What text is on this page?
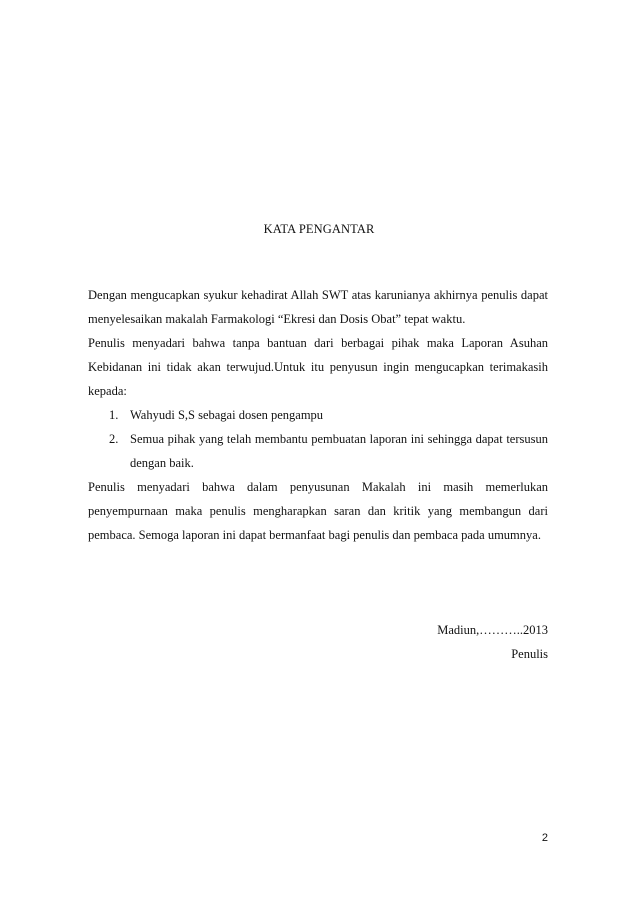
KATA PENGANTAR

Dengan mengucapkan syukur kehadirat Allah SWT atas karunianya akhirnya penulis dapat menyelesaikan makalah Farmakologi “Ekresi dan Dosis Obat” tepat waktu.

Penulis menyadari bahwa tanpa bantuan dari berbagai pihak maka Laporan Asuhan Kebidanan ini tidak akan terwujud.Untuk itu penyusun ingin mengucapkan terimakasih kepada:

1. Wahyudi S,S sebagai dosen pengampu
2. Semua pihak yang telah membantu pembuatan laporan ini sehingga dapat tersusun dengan baik.

Penulis menyadari bahwa dalam penyusunan Makalah ini masih memerlukan penyempurnaan maka penulis mengharapkan saran dan kritik yang membangun dari pembaca. Semoga laporan ini dapat bermanfaat bagi penulis dan pembaca pada umumnya.

Madiun,………..2013
Penulis
2
